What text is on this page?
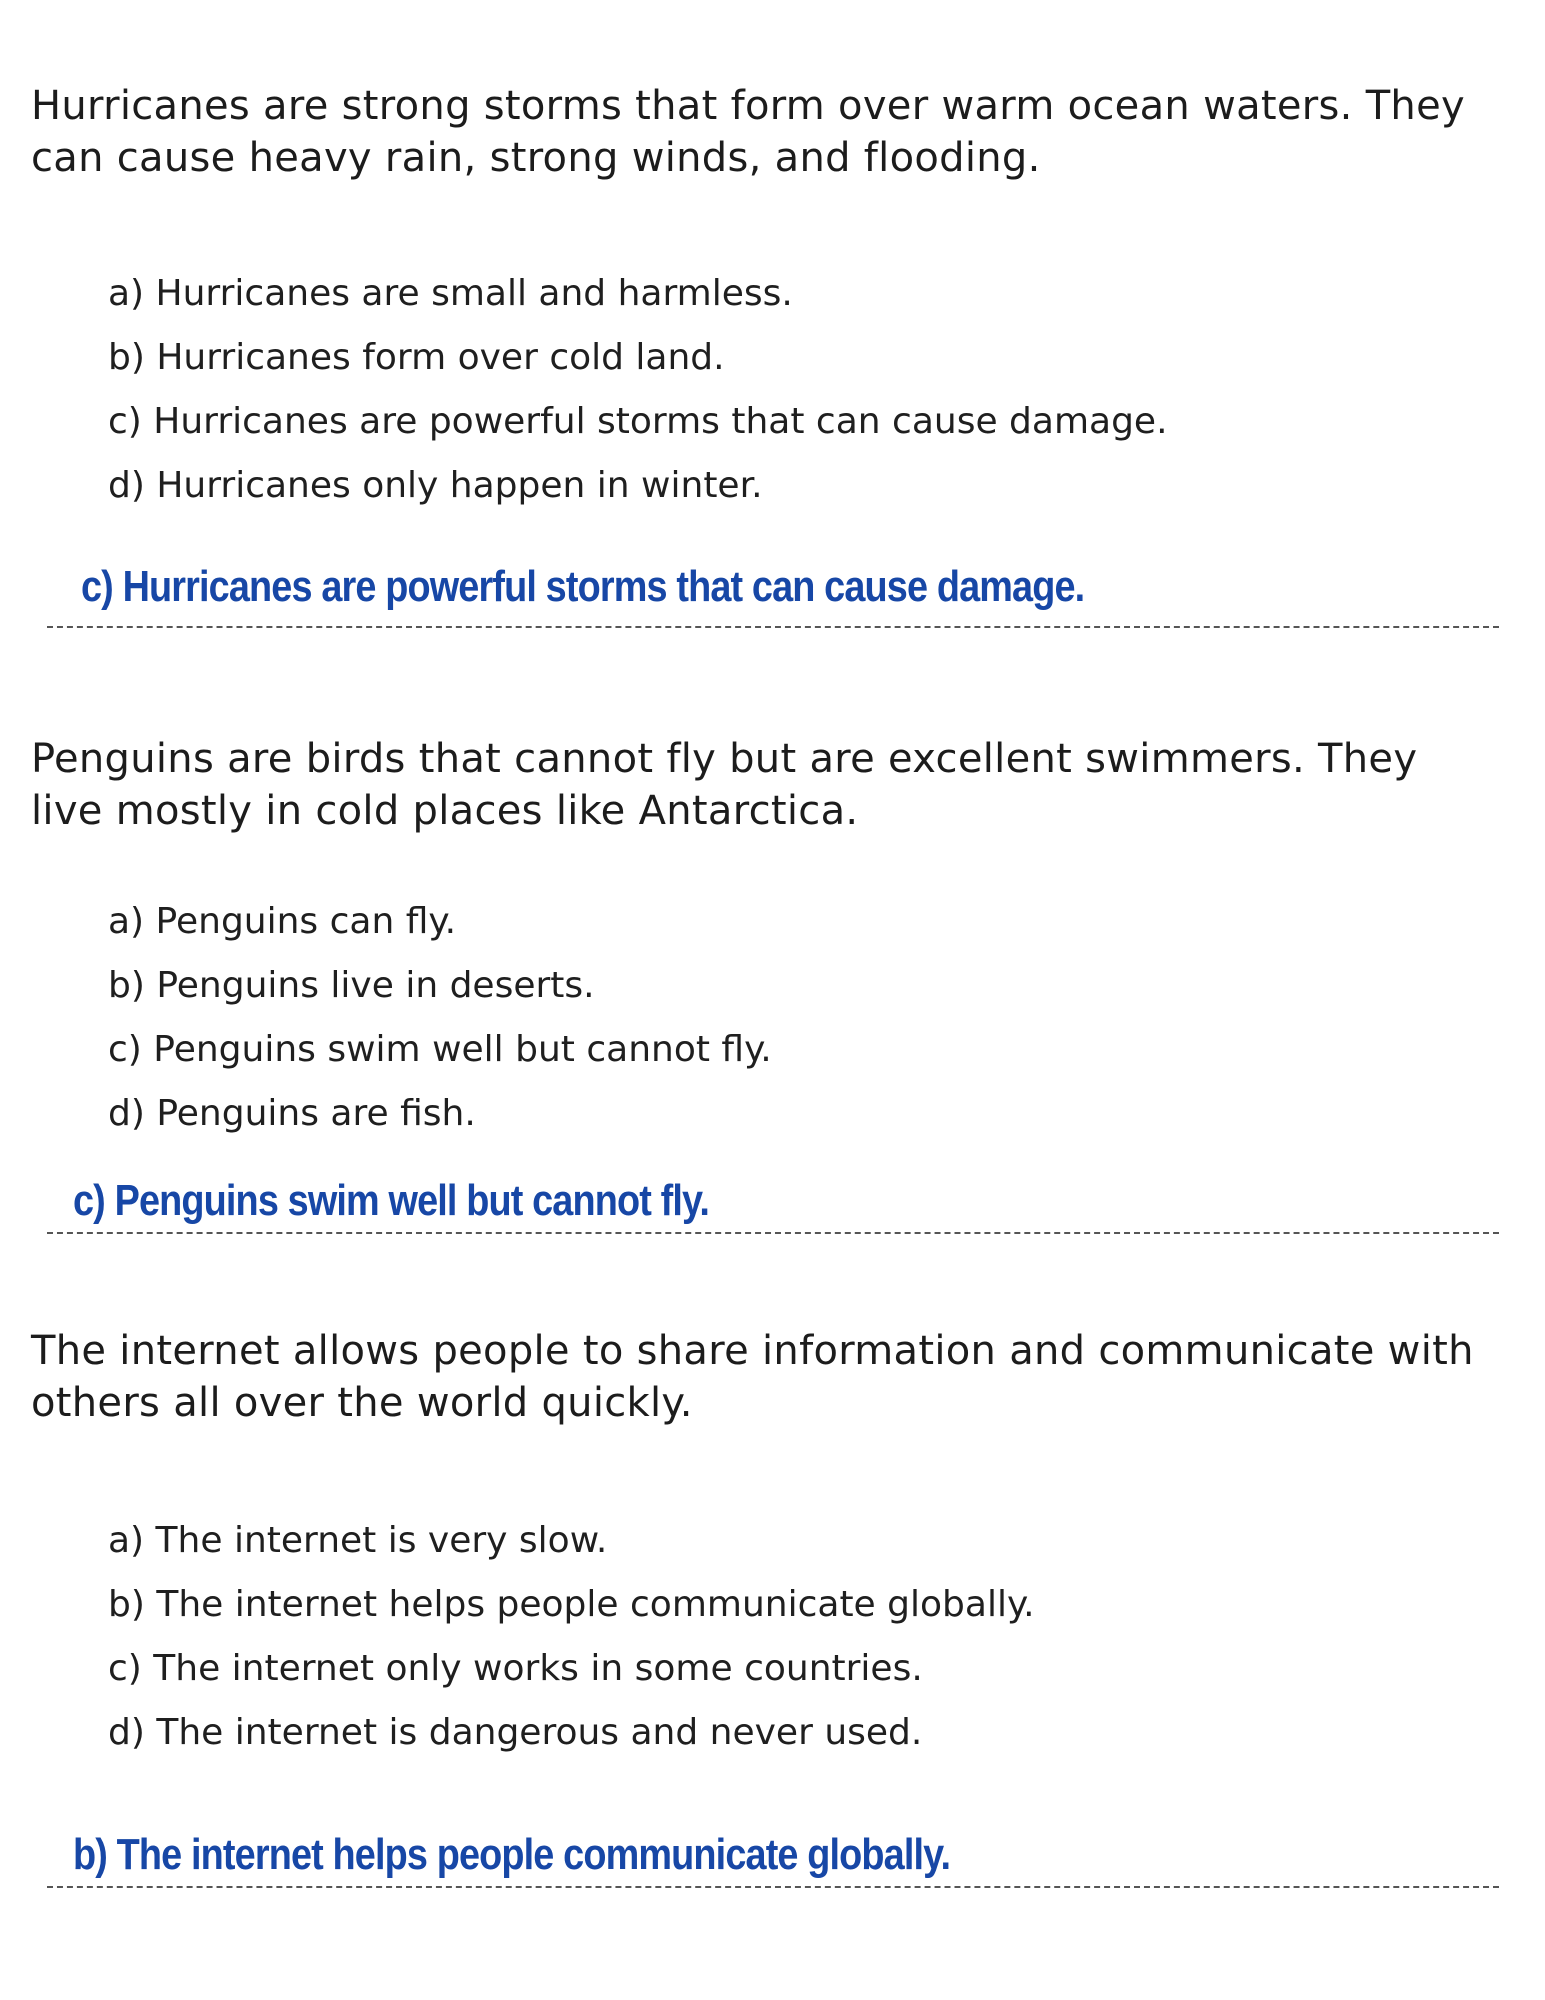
Hurricanes are strong storms that form over warm ocean waters. They can cause heavy rain, strong winds, and flooding.

a) Hurricanes are small and harmless.
b) Hurricanes form over cold land.
c) Hurricanes are powerful storms that can cause damage.
d) Hurricanes only happen in winter.
c) Hurricanes are powerful storms that can cause damage.

Penguins are birds that cannot fly but are excellent swimmers. They live mostly in cold places like Antarctica.

a) Penguins can fly.
b) Penguins live in deserts.
c) Penguins swim well but cannot fly.
d) Penguins are fish.
c) Penguins swim well but cannot fly.

The internet allows people to share information and communicate with others all over the world quickly.

a) The internet is very slow.
b) The internet helps people communicate globally.
c) The internet only works in some countries.
d) The internet is dangerous and never used.
b) The internet helps people communicate globally.
